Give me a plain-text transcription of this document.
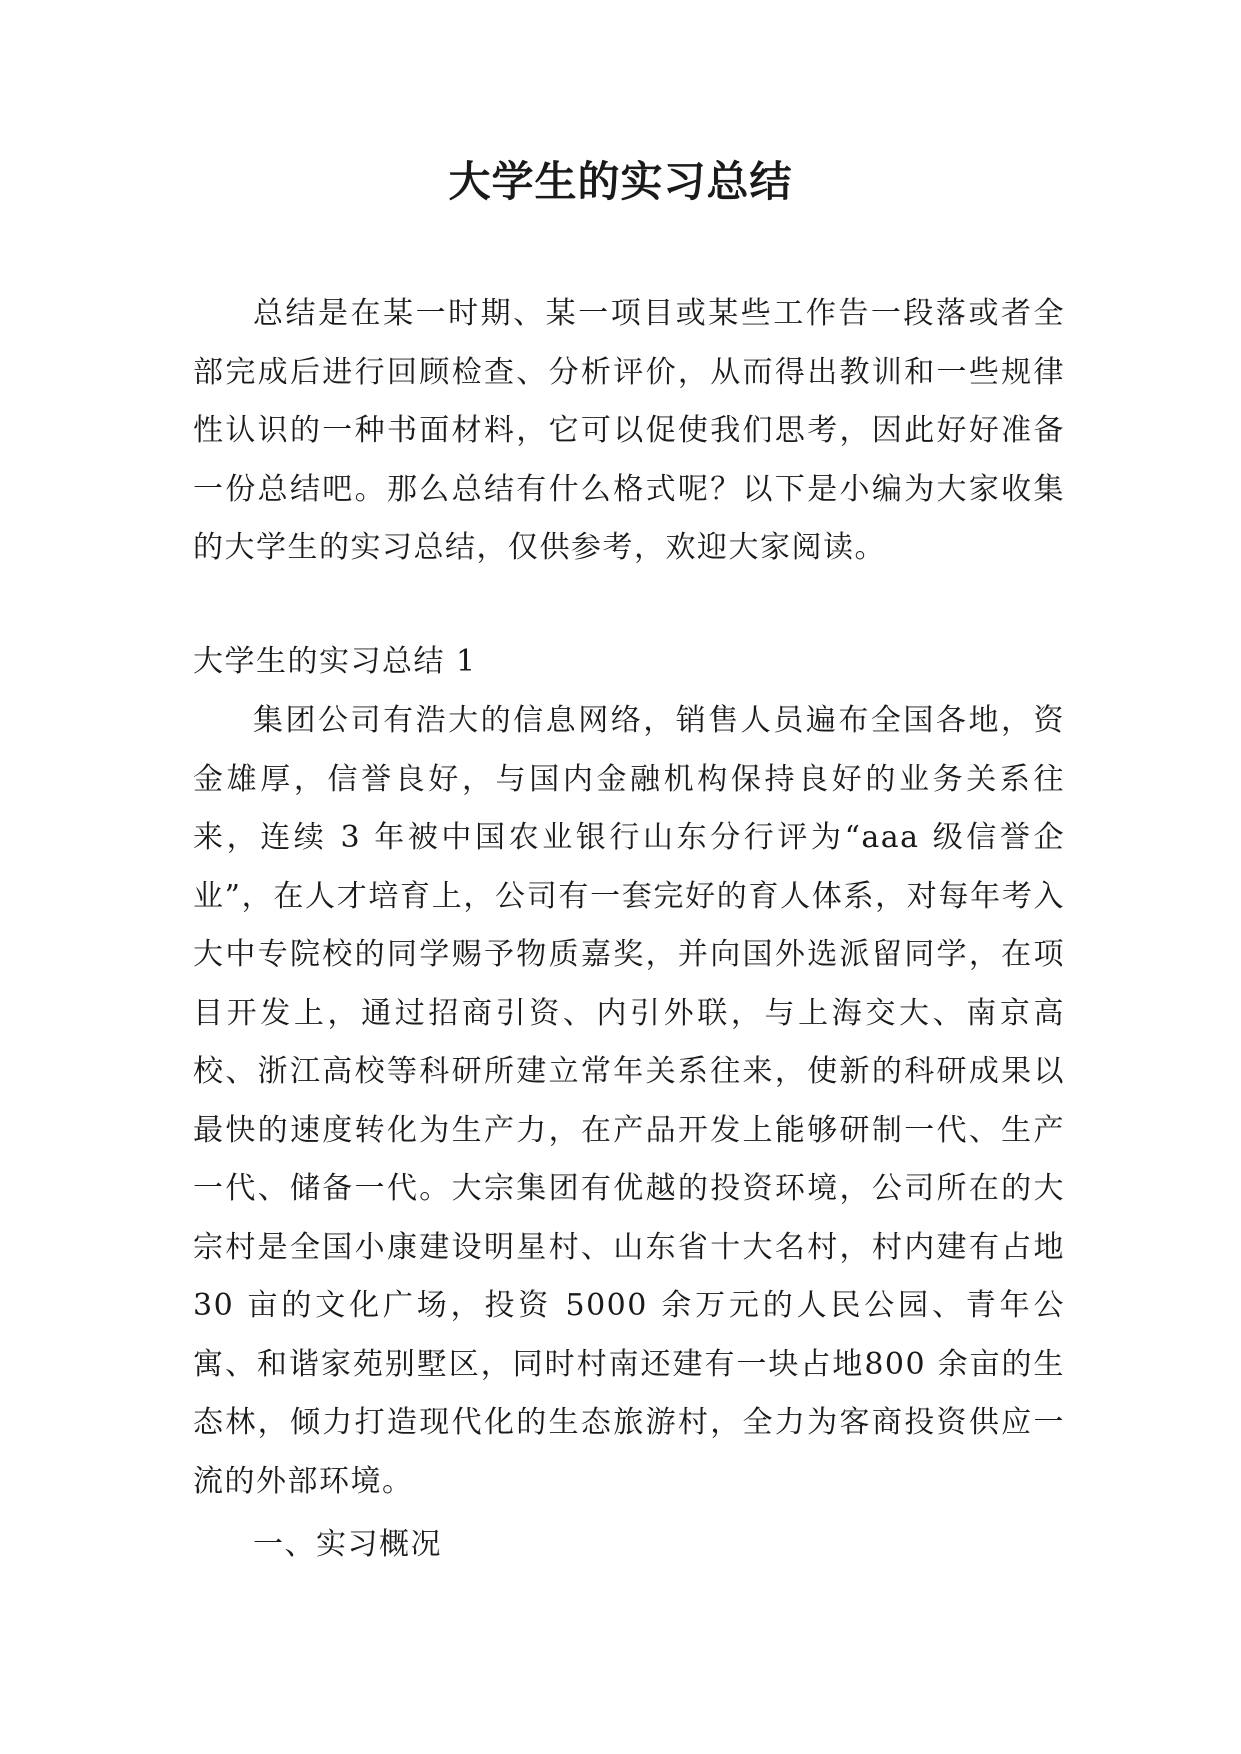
大学生的实习总结

总结是在某一时期、某一项目或某些工作告一段落或者全部完成后进行回顾检查、分析评价，从而得出教训和一些规律性认识的一种书面材料，它可以促使我们思考，因此好好准备一份总结吧。那么总结有什么格式呢？以下是小编为大家收集的大学生的实习总结，仅供参考，欢迎大家阅读。

大学生的实习总结 1

集团公司有浩大的信息网络，销售人员遍布全国各地，资金雄厚，信誉良好，与国内金融机构保持良好的业务关系往来，连续 3 年被中国农业银行山东分行评为“aaa 级信誉企业”，在人才培育上，公司有一套完好的育人体系，对每年考入大中专院校的同学赐予物质嘉奖，并向国外选派留同学，在项目开发上，通过招商引资、内引外联，与上海交大、南京高校、浙江高校等科研所建立常年关系往来，使新的科研成果以最快的速度转化为生产力，在产品开发上能够研制一代、生产一代、储备一代。大宗集团有优越的投资环境，公司所在的大宗村是全国小康建设明星村、山东省十大名村，村内建有占地 30 亩的文化广场，投资 5000 余万元的人民公园、青年公寓、和谐家苑别墅区，同时村南还建有一块占地800 余亩的生态林，倾力打造现代化的生态旅游村，全力为客商投资供应一流的外部环境。

一、实习概况
